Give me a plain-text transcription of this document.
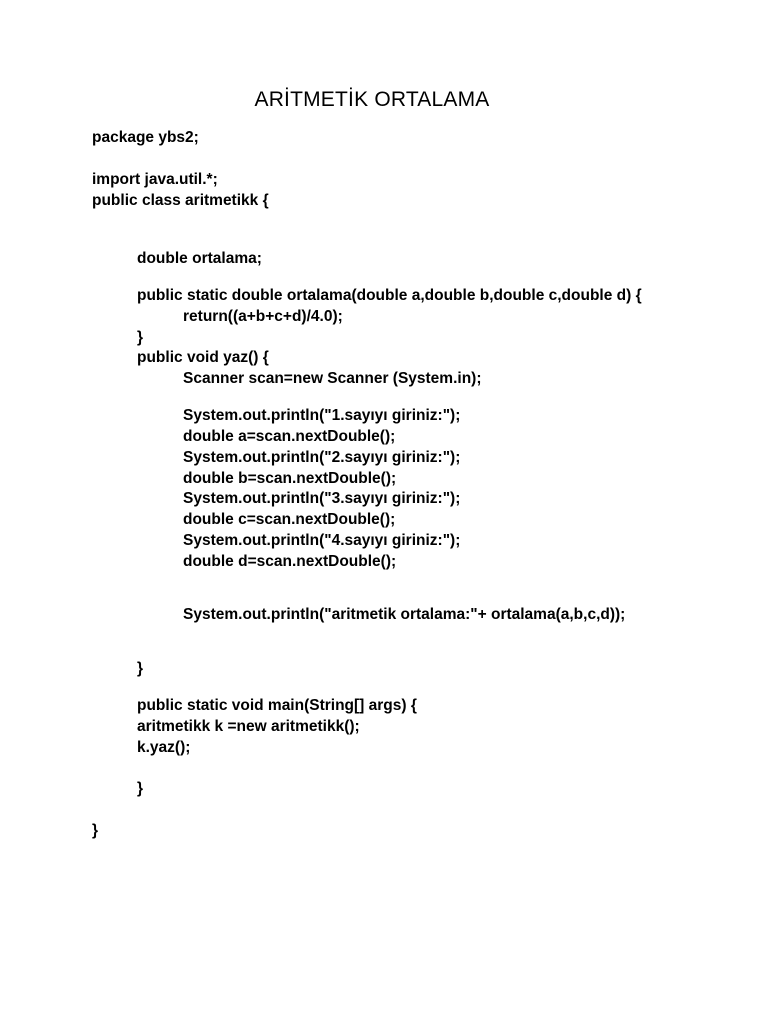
ARİTMETİK ORTALAMA
package ybs2;
import java.util.*;
public class aritmetikk {
double ortalama;
public static double ortalama(double a,double b,double c,double d) {
return((a+b+c+d)/4.0);
}
public void yaz() {
Scanner scan=new Scanner (System.in);
System.out.println("1.sayıyı giriniz:");
double a=scan.nextDouble();
System.out.println("2.sayıyı giriniz:");
double b=scan.nextDouble();
System.out.println("3.sayıyı giriniz:");
double c=scan.nextDouble();
System.out.println("4.sayıyı giriniz:");
double d=scan.nextDouble();
System.out.println("aritmetik ortalama:"+ ortalama(a,b,c,d));
}
public static void main(String[] args) {
aritmetikk k =new aritmetikk();
k.yaz();
}
}
